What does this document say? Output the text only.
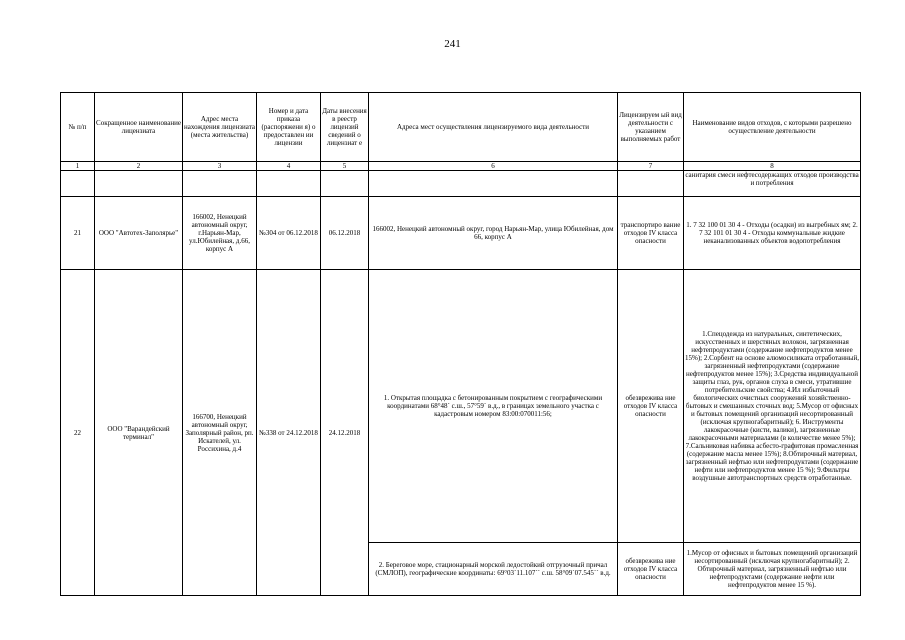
241
№ п/п	Сокращенное наименование лицензиата	Адрес места нахождения лицензиата (места жительства)	Номер и дата приказа (распоряжени я) о предоставлен ии лицензии	Даты внесения в реестр лицензий сведений о лицензиат е	Адреса мест осуществления лицензируемого вида деятельности	Лицензируем ый вид деятельности с указанием выполняемых работ	Наименование видов отходов, с которыми разрешено осуществление деятельности
1	2	3	4	5	6	7	8
							санитария смеси нефтесодержащих отходов производства и потребления
21	ООО "Автотех-Заполярье"	166002, Ненецкий автономный округ, г.Нарьян-Мар, ул.Юбилейная, д.66, корпус А	№304 от 06.12.2018	06.12.2018	166002, Ненецкий автономный округ, город Нарьян-Мар, улица Юбилейная, дом 66, корпус А	транспортиро вание отходов IV класса опасности	1. 7 32 100 01 30 4 - Отходы (осадки) из выгребных ям; 2. 7 32 101 01 30 4 - Отходы коммунальные жидкие неканализованных объектов водопотребления
22	ООО "Варандейский терминал"	166700, Ненецкий автономный округ, Заполярный район, рп. Искателей, ул. Россихина, д.4	№338 от 24.12.2018	24.12.2018	1. Открытая площадка с бетонированным покрытием с географическими координатами 68°48´ с.ш., 57°59´ в.д., в границах земельного участка с кадастровым номером 83:00:070011:56;	обезврежива ние отходов IV класса опасности	1.Спецодежда из натуральных, синтетических, искусственных и шерстяных волокон, загрязненная нефтепродуктами (содержание нефтепродуктов менее 15%); 2.Сорбент на основе алюмосиликата отработанный, загрязненный нефтепродуктами (содержание нефтепродуктов менее 15%); 3.Средства индивидуальной защиты глаз, рук, органов слуха в смеси, утратившие потребительские свойства; 4.Ил избыточный биологических очистных сооружений хозяйственно-бытовых и смешанных сточных вод; 5.Мусор от офисных и бытовых помещений организаций несортированный (исключая крупногабаритный); 6. Инструменты лакокрасочные (кисти, валики), загрязненные лакокрасочными материалами (в количестве менее 5%); 7.Сальниковая набивка асбесто-графитовая промасленная (содержание масла менее 15%); 8.Обтирочный материал, загрязненный нефтью или нефтепродуктами (содержание нефти или нефтепродуктов менее 15 %); 9.Фильтры воздушные автотранспортных средств отработанные.
					2. Береговое море, стационарный морской ледостойкий отгрузочный причал (СМЛОП), географические координаты: 69°03´11.107´´ с.ш. 58°09´07.545´´ в.д.	обезврежива ние отходов IV класса опасности	1.Мусор от офисных и бытовых помещений организаций несортированный (исключая крупногабаритный); 2. Обтирочный материал, загрязненный нефтью или нефтепродуктами (содержание нефти или нефтепродуктов менее 15 %).
